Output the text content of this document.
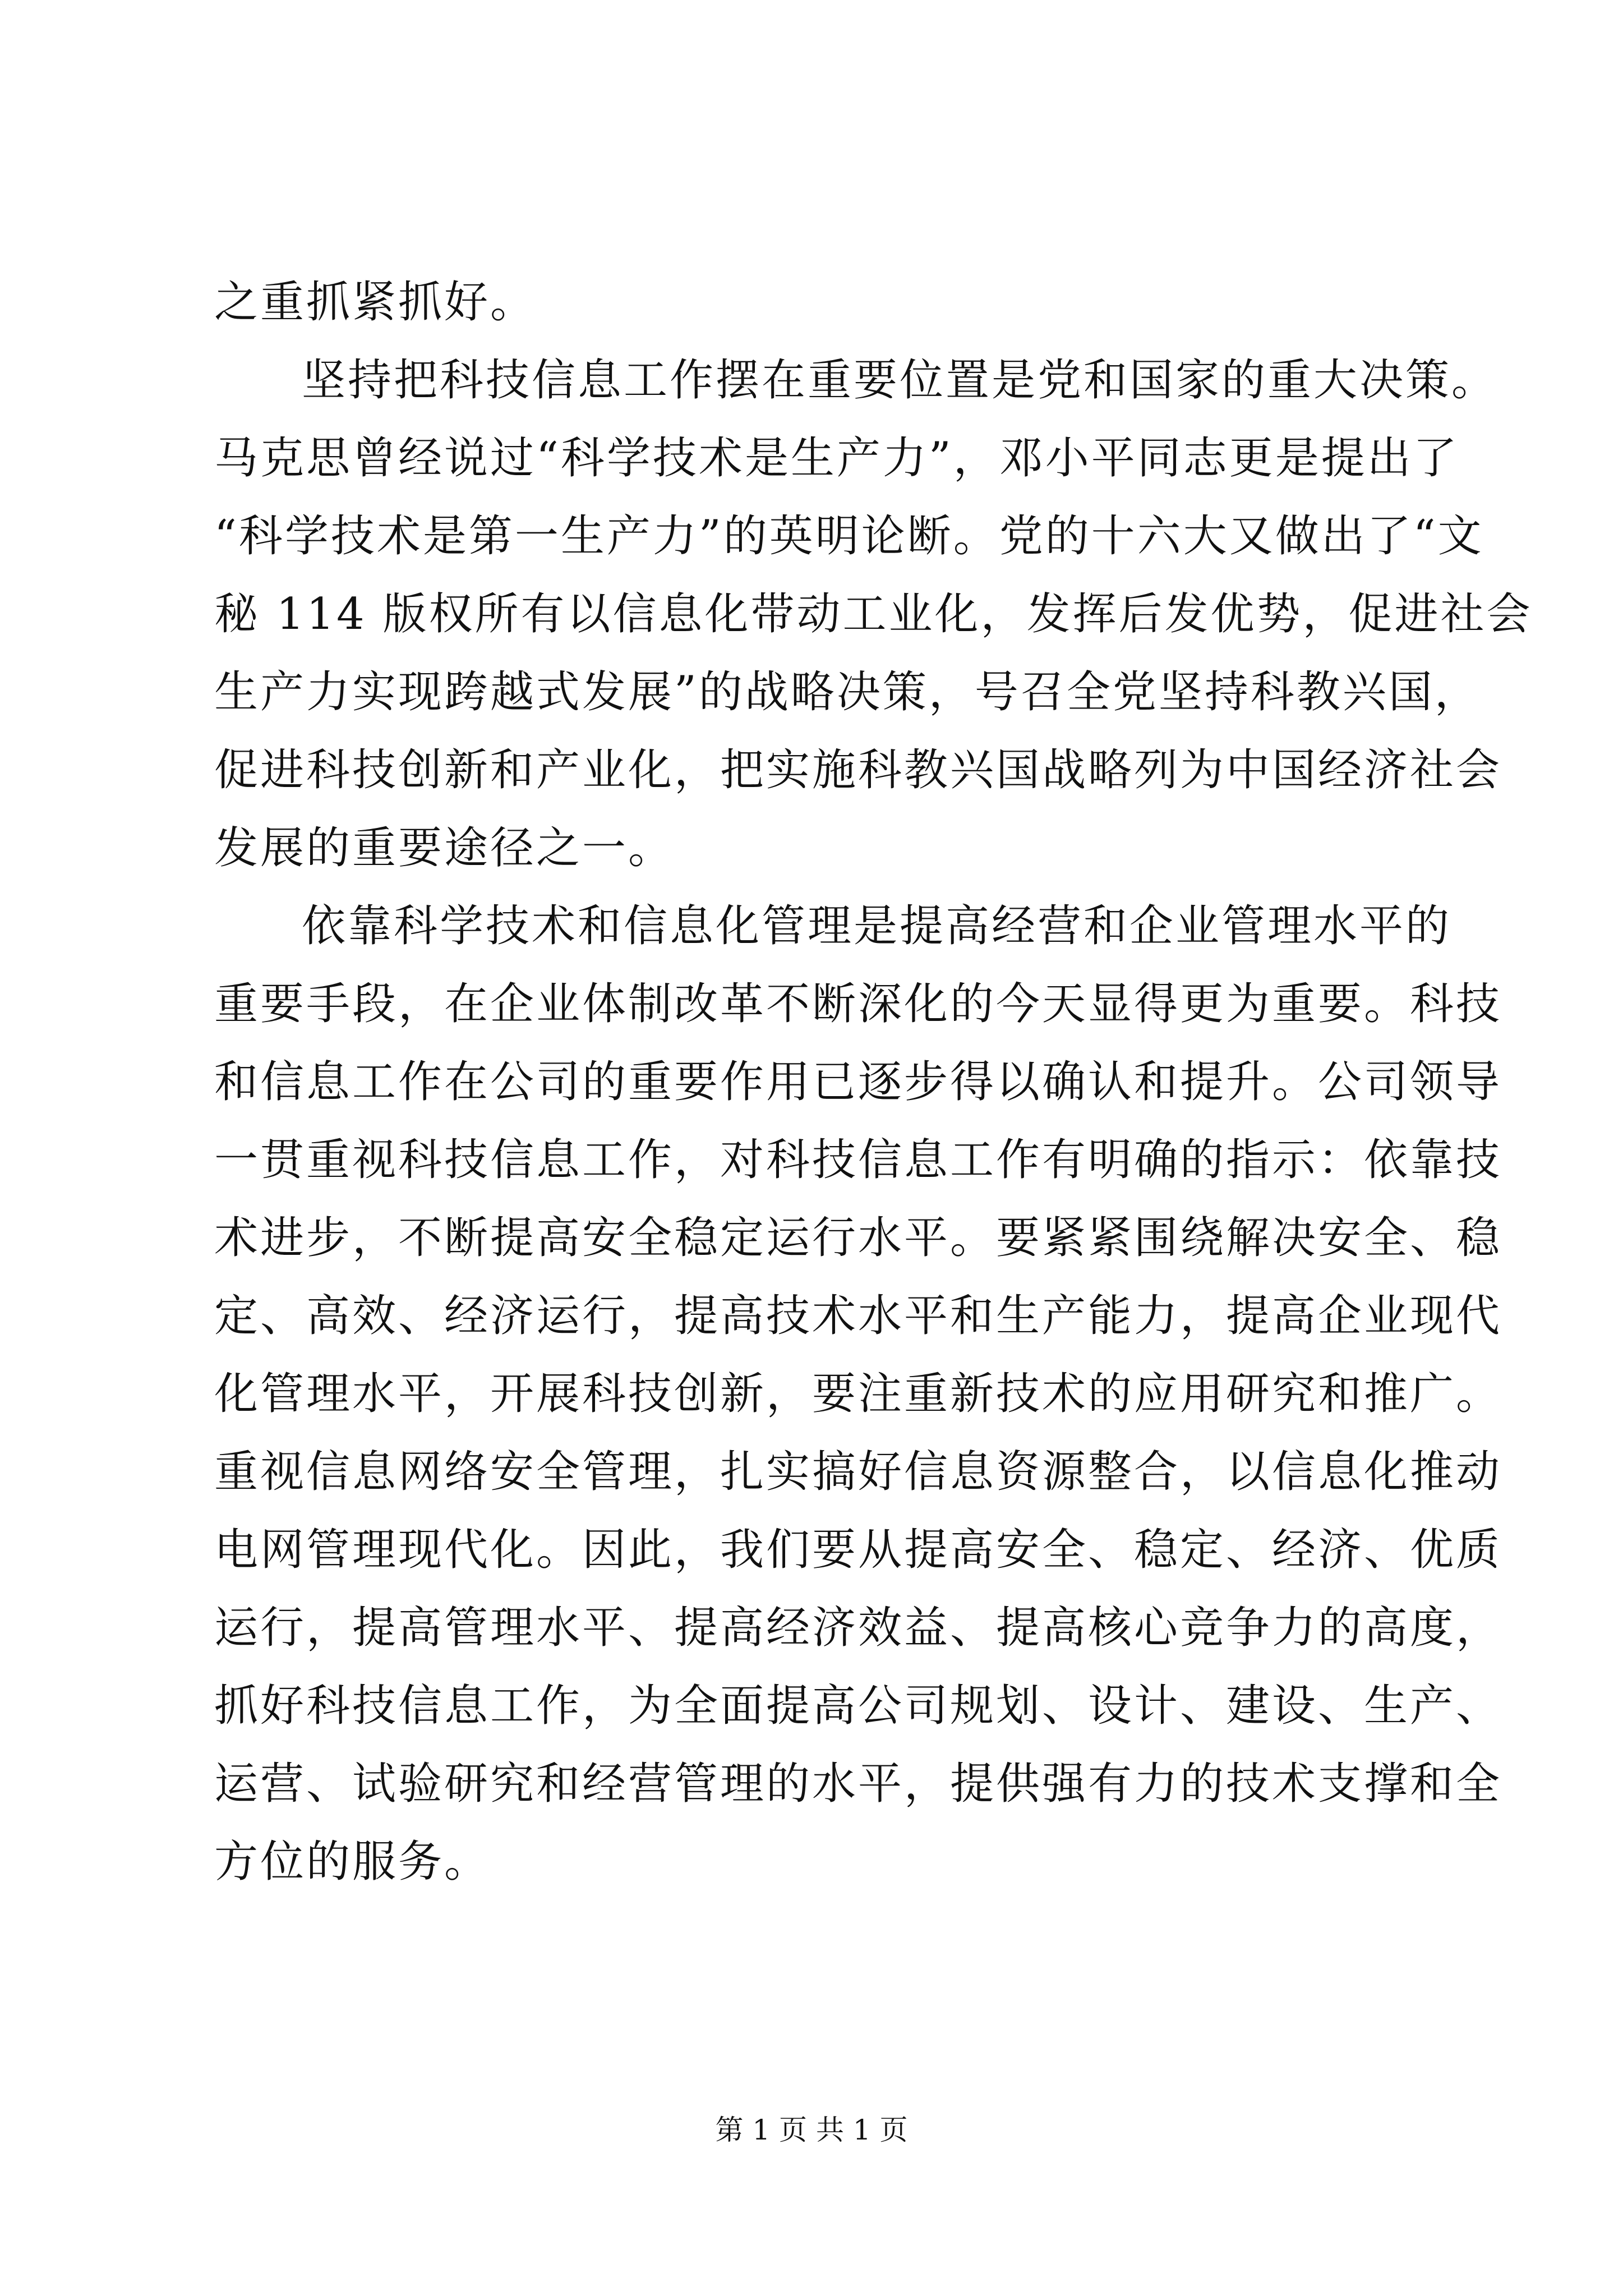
之重抓紧抓好。
坚持把科技信息工作摆在重要位置是党和国家的重大决策。
马克思曾经说过“科学技术是生产力”，邓小平同志更是提出了
“科学技术是第一生产力”的英明论断。党的十六大又做出了“文
秘 114 版权所有以信息化带动工业化，发挥后发优势，促进社会
生产力实现跨越式发展”的战略决策，号召全党坚持科教兴国，
促进科技创新和产业化，把实施科教兴国战略列为中国经济社会
发展的重要途径之一。
依靠科学技术和信息化管理是提高经营和企业管理水平的
重要手段，在企业体制改革不断深化的今天显得更为重要。科技
和信息工作在公司的重要作用已逐步得以确认和提升。公司领导
一贯重视科技信息工作，对科技信息工作有明确的指示：依靠技
术进步，不断提高安全稳定运行水平。要紧紧围绕解决安全、稳
定、高效、经济运行，提高技术水平和生产能力，提高企业现代
化管理水平，开展科技创新，要注重新技术的应用研究和推广。
重视信息网络安全管理，扎实搞好信息资源整合，以信息化推动
电网管理现代化。因此，我们要从提高安全、稳定、经济、优质
运行，提高管理水平、提高经济效益、提高核心竞争力的高度，
抓好科技信息工作，为全面提高公司规划、设计、建设、生产、
运营、试验研究和经营管理的水平，提供强有力的技术支撑和全
方位的服务。
第 1 页 共 1 页
